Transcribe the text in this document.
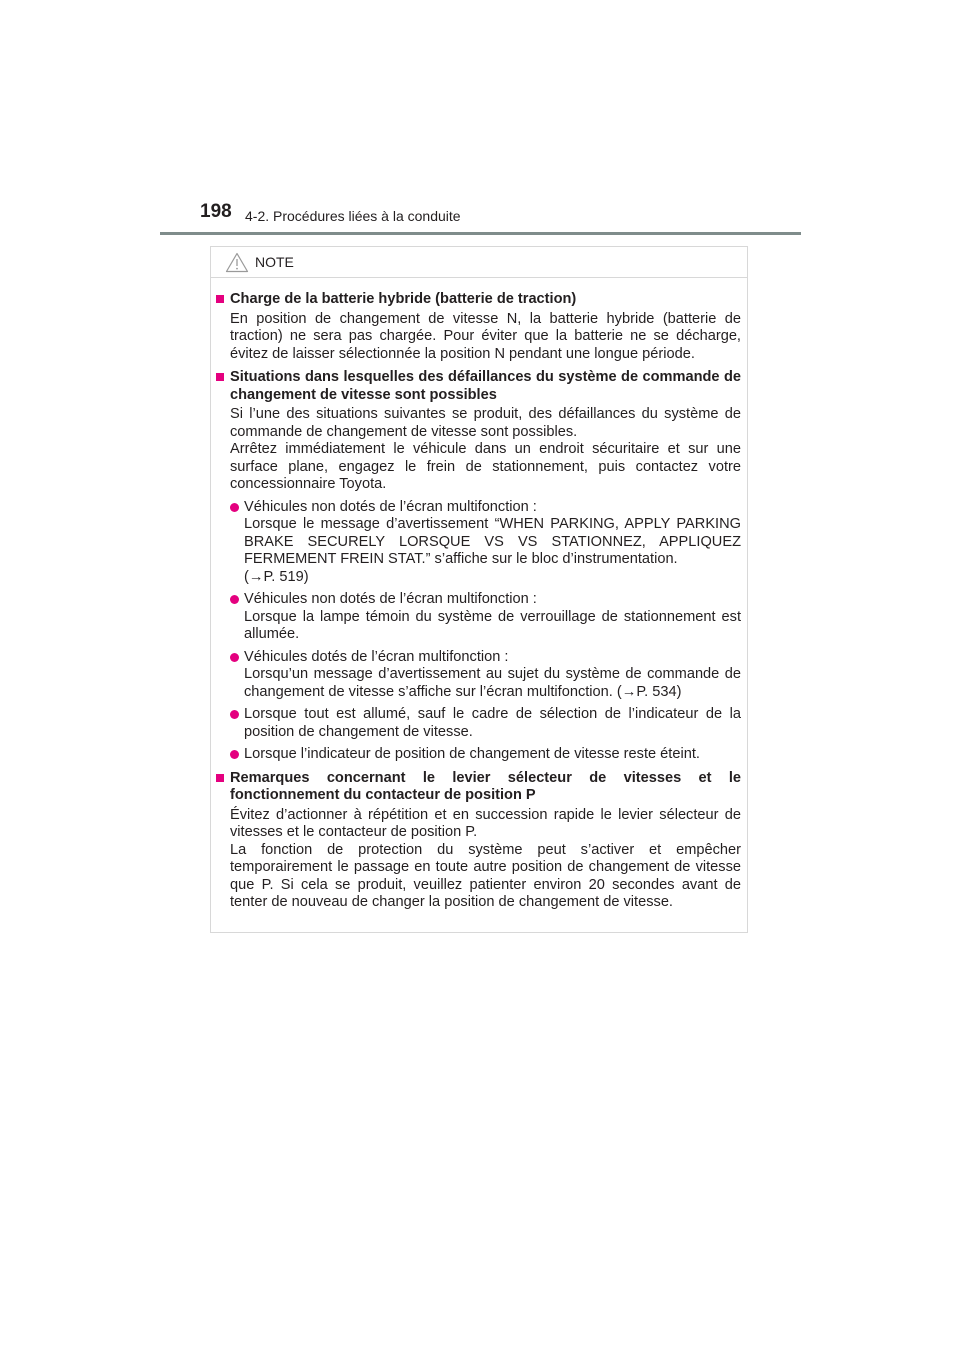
198 4-2. Procédures liées à la conduite
NOTE
Charge de la batterie hybride (batterie de traction)
En position de changement de vitesse N, la batterie hybride (batterie de traction) ne sera pas chargée. Pour éviter que la batterie ne se décharge, évitez de laisser sélectionnée la position N pendant une longue période.
Situations dans lesquelles des défaillances du système de commande de changement de vitesse sont possibles
Si l’une des situations suivantes se produit, des défaillances du système de commande de changement de vitesse sont possibles.
Arrêtez immédiatement le véhicule dans un endroit sécuritaire et sur une surface plane, engagez le frein de stationnement, puis contactez votre concessionnaire Toyota.
Véhicules non dotés de l’écran multifonction :
Lorsque le message d’avertissement “WHEN PARKING, APPLY PARKING BRAKE SECURELY LORSQUE VS VS STATIONNEZ, APPLIQUEZ FERMEMENT FREIN STAT.” s’affiche sur le bloc d’instrumentation.
(→P. 519)
Véhicules non dotés de l’écran multifonction :
Lorsque la lampe témoin du système de verrouillage de stationnement est allumée.
Véhicules dotés de l’écran multifonction :
Lorsqu’un message d’avertissement au sujet du système de commande de changement de vitesse s’affiche sur l’écran multifonction. (→P. 534)
Lorsque tout est allumé, sauf le cadre de sélection de l’indicateur de la position de changement de vitesse.
Lorsque l’indicateur de position de changement de vitesse reste éteint.
Remarques concernant le levier sélecteur de vitesses et le fonctionnement du contacteur de position P
Évitez d’actionner à répétition et en succession rapide le levier sélecteur de vitesses et le contacteur de position P.
La fonction de protection du système peut s’activer et empêcher temporairement le passage en toute autre position de changement de vitesse que P. Si cela se produit, veuillez patienter environ 20 secondes avant de tenter de nouveau de changer la position de changement de vitesse.
